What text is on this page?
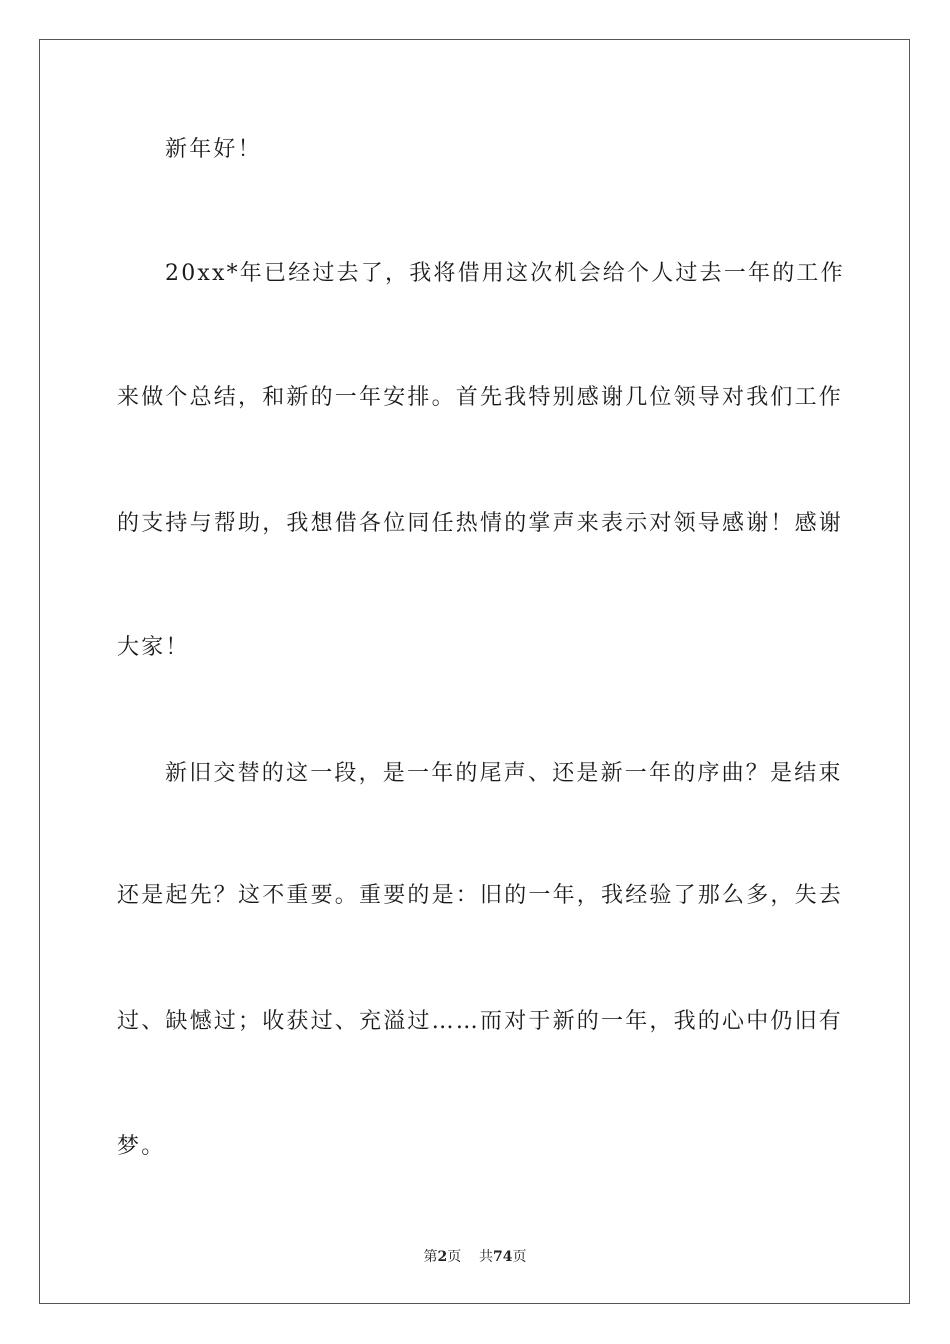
新年好！
20xx*年已经过去了，我将借用这次机会给个人过去一年的工作
来做个总结，和新的一年安排。首先我特别感谢几位领导对我们工作
的支持与帮助，我想借各位同任热情的掌声来表示对领导感谢！感谢
大家！
新旧交替的这一段，是一年的尾声、还是新一年的序曲？是结束
还是起先？这不重要。重要的是：旧的一年，我经验了那么多，失去
过、缺憾过；收获过、充溢过……而对于新的一年，我的心中仍旧有
梦。
第2页 共74页
